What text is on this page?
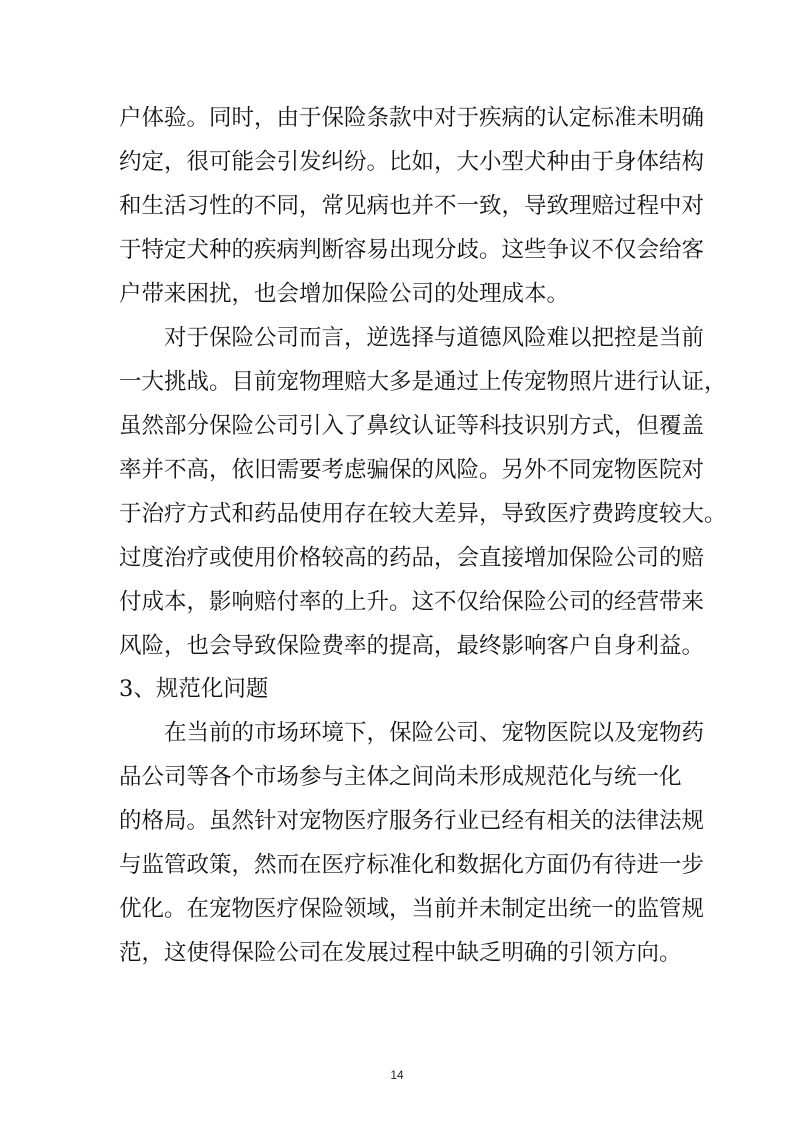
户体验。同时，由于保险条款中对于疾病的认定标准未明确
约定，很可能会引发纠纷。比如，大小型犬种由于身体结构
和生活习性的不同，常见病也并不一致，导致理赔过程中对
于特定犬种的疾病判断容易出现分歧。这些争议不仅会给客
户带来困扰，也会增加保险公司的处理成本。
对于保险公司而言，逆选择与道德风险难以把控是当前
一大挑战。目前宠物理赔大多是通过上传宠物照片进行认证，
虽然部分保险公司引入了鼻纹认证等科技识别方式，但覆盖
率并不高，依旧需要考虑骗保的风险。另外不同宠物医院对
于治疗方式和药品使用存在较大差异，导致医疗费跨度较大。
过度治疗或使用价格较高的药品，会直接增加保险公司的赔
付成本，影响赔付率的上升。这不仅给保险公司的经营带来
风险，也会导致保险费率的提高，最终影响客户自身利益。
3、规范化问题
在当前的市场环境下，保险公司、宠物医院以及宠物药
品公司等各个市场参与主体之间尚未形成规范化与统一化
的格局。虽然针对宠物医疗服务行业已经有相关的法律法规
与监管政策，然而在医疗标准化和数据化方面仍有待进一步
优化。在宠物医疗保险领域，当前并未制定出统一的监管规
范，这使得保险公司在发展过程中缺乏明确的引领方向。
14
